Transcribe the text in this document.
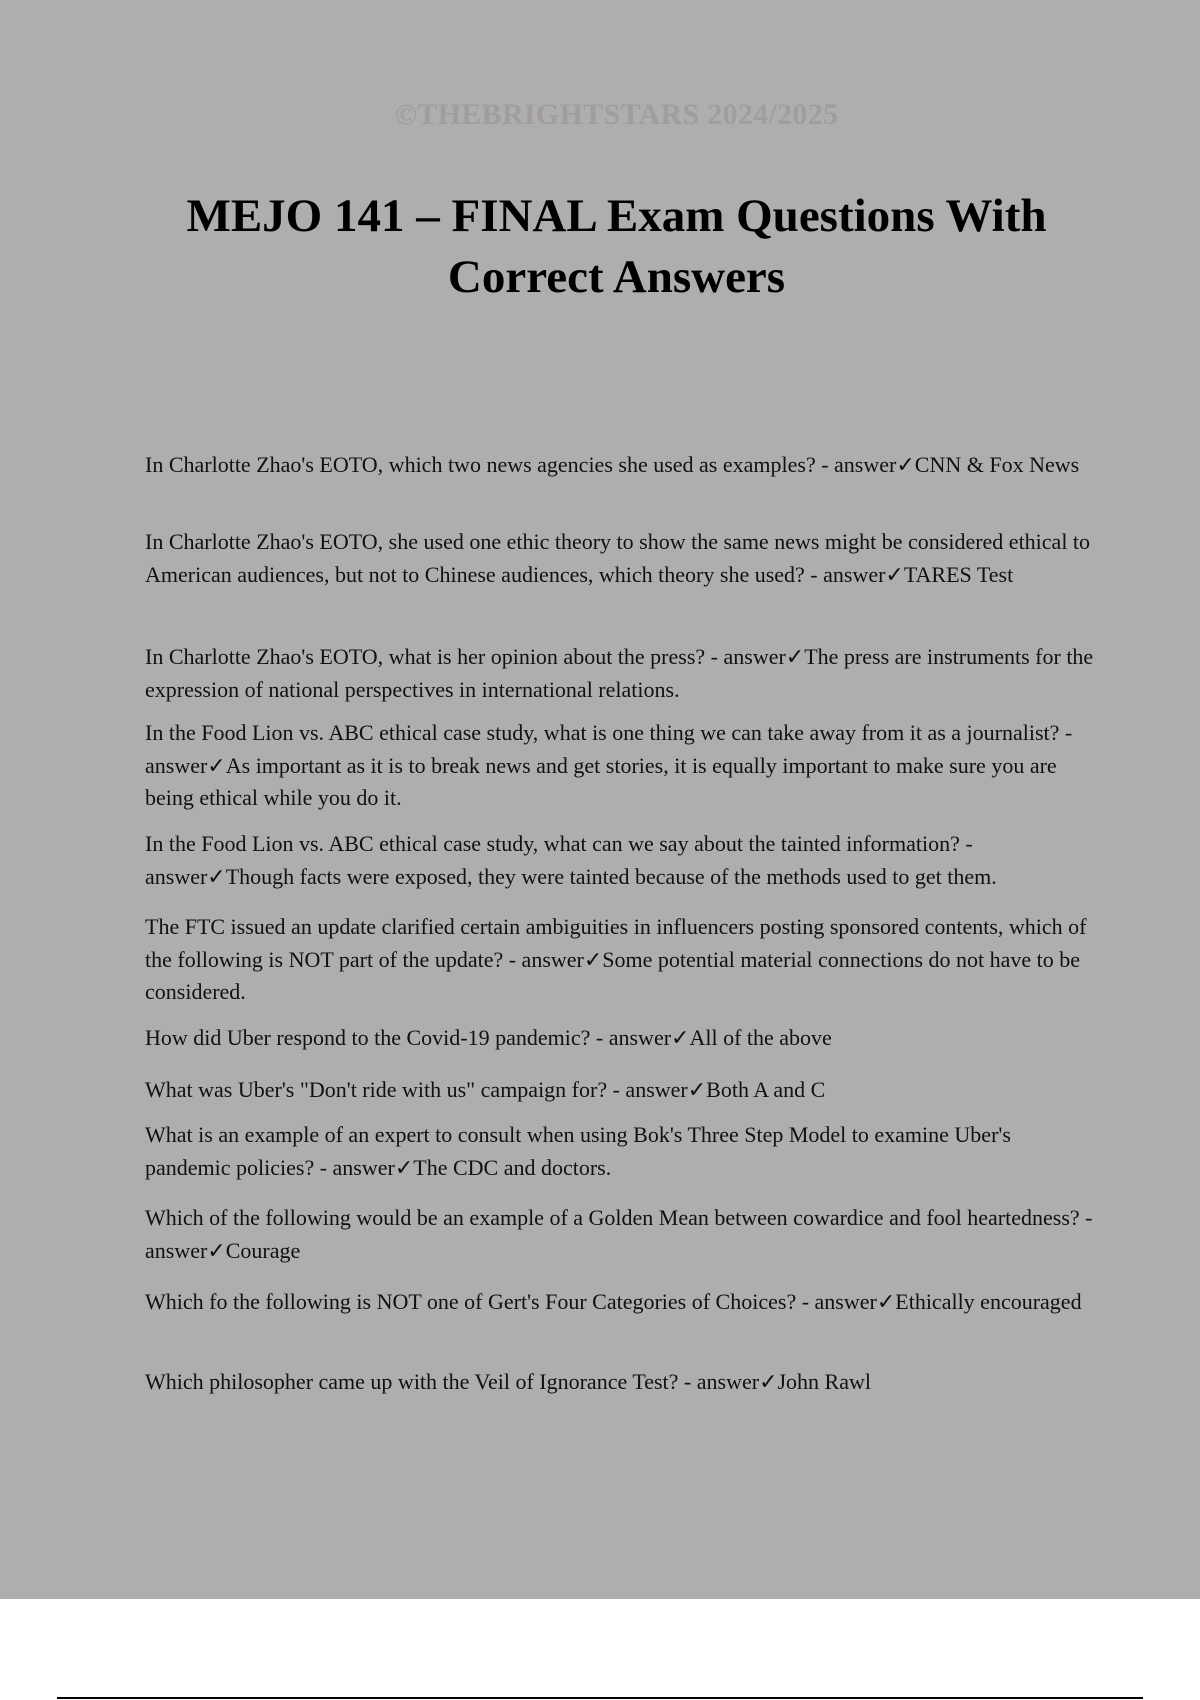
©THEBRIGHTSTARS 2024/2025
MEJO 141 – FINAL Exam Questions With Correct Answers
In Charlotte Zhao's EOTO, which two news agencies she used as examples? - answer✓CNN & Fox News
In Charlotte Zhao's EOTO, she used one ethic theory to show the same news might be considered ethical to American audiences, but not to Chinese audiences, which theory she used? - answer✓TARES Test
In Charlotte Zhao's EOTO, what is her opinion about the press? - answer✓The press are instruments for the expression of national perspectives in international relations.
In the Food Lion vs. ABC ethical case study, what is one thing we can take away from it as a journalist? - answer✓As important as it is to break news and get stories, it is equally important to make sure you are being ethical while you do it.
In the Food Lion vs. ABC ethical case study, what can we say about the tainted information? - answer✓Though facts were exposed, they were tainted because of the methods used to get them.
The FTC issued an update clarified certain ambiguities in influencers posting sponsored contents, which of the following is NOT part of the update? - answer✓Some potential material connections do not have to be considered.
How did Uber respond to the Covid-19 pandemic? - answer✓All of the above
What was Uber's "Don't ride with us" campaign for? - answer✓Both A and C
What is an example of an expert to consult when using Bok's Three Step Model to examine Uber's pandemic policies? - answer✓The CDC and doctors.
Which of the following would be an example of a Golden Mean between cowardice and fool heartedness? - answer✓Courage
Which fo the following is NOT one of Gert's Four Categories of Choices? - answer✓Ethically encouraged
Which philosopher came up with the Veil of Ignorance Test? - answer✓John Rawl
